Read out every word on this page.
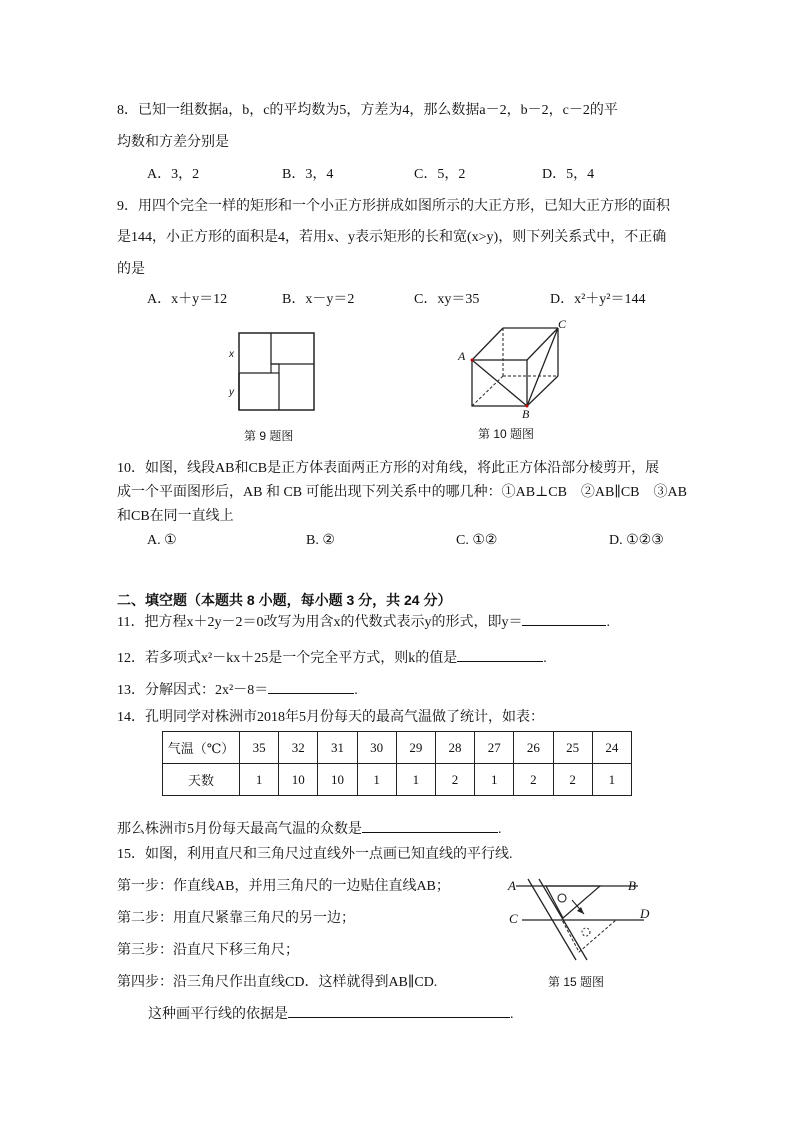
8．已知一组数据a，b，c的平均数为5，方差为4，那么数据a－2，b－2，c－2的平
均数和方差分别是
A．3，2	B．3，4	C．5，2	D．5，4
9．用四个完全一样的矩形和一个小正方形拼成如图所示的大正方形，已知大正方形的面积
是144，小正方形的面积是4，若用x、y表示矩形的长和宽(x>y)，则下列关系式中，不正确
的是
A．x＋y＝12	B．x－y＝2	C．xy＝35	D．x²＋y²＝144
x
y
第 9 题图
A
B
C
第 10 题图
10．如图，线段AB和CB是正方体表面两正方形的对角线，将此正方体沿部分棱剪开，展
成一个平面图形后，AB 和 CB 可能出现下列关系中的哪几种：①AB⊥CB　②AB∥CB　③AB
和CB在同一直线上
A. ①	B. ②	C. ①②	D. ①②③
二、填空题（本题共 8 小题，每小题 3 分，共 24 分）
11．把方程x＋2y－2＝0改写为用含x的代数式表示y的形式，即y＝	.
12．若多项式x²－kx＋25是一个完全平方式，则k的值是	.
13．分解因式：2x²－8＝	.
14．孔明同学对株洲市2018年5月份每天的最高气温做了统计，如表：
气温（℃）	35	32	31	30	29	28	27	26	25	24
天数	1	10	10	1	1	2	1	2	2	1
那么株洲市5月份每天最高气温的众数是	.
15．如图，利用直尺和三角尺过直线外一点画已知直线的平行线.
第一步：作直线AB，并用三角尺的一边贴住直线AB；
第二步：用直尺紧靠三角尺的另一边；
第三步：沿直尺下移三角尺；
第四步：沿三角尺作出直线CD．这样就得到AB∥CD.
这种画平行线的依据是	.
A	B
C	D
第 15 题图
